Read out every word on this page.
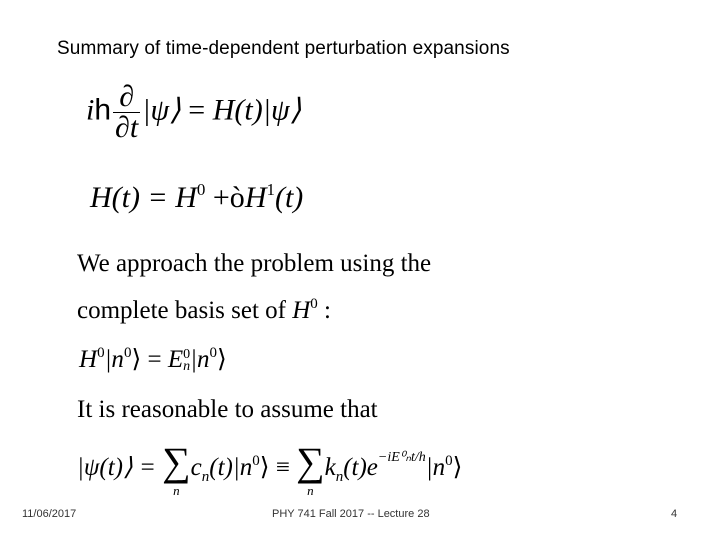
Summary of time-dependent perturbation expansions
ih $\frac{\partial}{\partial t}$ |ψ⟩ = H(t)|ψ⟩
$H(t) = H^0$ $+òH^1(t)$
We approach the problem using the
complete basis set of $H^0$ :
$H^0|n^0⟩ = E$ 0
n $|n^0⟩$
It is reasonable to assume that
|ψ(t)⟩ = ∑
n
$c_n(t)|n^0⟩$ ≡ ∑
n
$k_n(t)e^{-iE^0_nt/h}|n^0⟩$
11/06/2017	PHY 741 Fall 2017 -- Lecture 28	4
